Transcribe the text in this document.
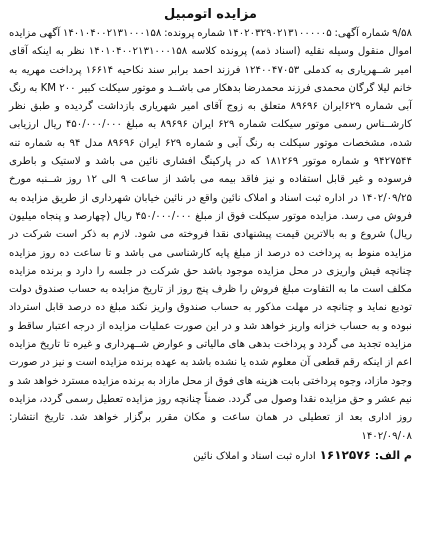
مزایده اتومبیل

۹/۵۸ شماره آگهی: ۱۴۰۲۰۳۲۹۰۲۱۳۱۰۰۰۰۰۵ شماره پرونده: ۱۴۰۱۰۴۰۰۲۱۳۱۰۰۰۱۵۸ آگهی مزایده اموال منقول وسیله نقلیه (اسناد ذمه) پرونده کلاسه ۱۴۰۱۰۴۰۰۲۱۳۱۰۰۰۱۵۸ نظر به اینکه آقای امیر شــهریاری به کدملی ۱۲۴۰۰۴۷۰۵۳ فرزند احمد برابر سند نکاحیه ۱۶۶۱۴ پرداخت مهریه به خانم لیلا گرگان محمدی فرزند محمدرضا بدهکار می باشــد و موتور سیکلت کبیر KM ۲۰۰ به رنگ آبی شماره ۶۲۹ایران ۸۹۶۹۶ متعلق به زوج آقای امیر شهریاری بازداشت گردیده و طبق نظر کارشــناس رسمی موتور سیکلت شماره ۶۲۹ ایران ۸۹۶۹۶ به مبلغ ۴۵۰/۰۰۰/۰۰۰ ریال ارزیابی شده، مشخصات موتور سیکلت به رنگ آبی و شماره ۶۲۹ ایران ۸۹۶۹۶ مدل ۹۴ به شماره تنه ۹۴۲۷۵۴۴ و شماره موتور ۱۸۱۲۶۹ که در پارکینگ افشاری نائین می باشد و لاستیک و باطری فرسوده و غیر قابل استفاده و نیز فاقد بیمه می باشد از ساعت ۹ الی ۱۲ روز شــنبه مورخ ۱۴۰۲/۰۹/۲۵ در اداره ثبت اسناد و املاک نائین واقع در نائین خیابان شهرداری از طریق مزایده به فروش می رسد. مزایده موتور سیکلت فوق از مبلغ ۴۵۰/۰۰۰/۰۰۰ ریال (چهارصد و پنجاه میلیون ریال) شروع و به بالاترین قیمت پیشنهادی نقدا فروخته می شود. لازم به ذکر است شرکت در مزایده منوط به پرداخت ده درصد از مبلغ پایه کارشناسی می باشد و تا ساعت ده روز مزایده چنانچه فیش واریزی در محل مزایده موجود باشد حق شرکت در جلسه را دارد و برنده مزایده مکلف است ما به التفاوت مبلغ فروش را ظرف پنج روز از تاریخ مزایده به حساب صندوق دولت تودیع نماید و چنانچه در مهلت مذکور به حساب صندوق واریز نکند مبلغ ده درصد قابل استرداد نبوده و به حساب خزانه واریز خواهد شد و در این صورت عملیات مزایده از درجه اعتبار ساقط و مزایده تجدید می گردد و پرداخت بدهی های مالیاتی و عوارض شــهرداری و غیره تا تاریخ مزایده اعم از اینکه رقم قطعی آن معلوم شده یا نشده باشد به عهده برنده مزایده است و نیز در صورت وجود مازاد، وجوه پرداختی بابت هزینه های فوق از محل مازاد به برنده مزایده مسترد خواهد شد و نیم عشر و حق مزایده نقدا وصول می گردد. ضمناً چنانچه روز مزایده تعطیل رسمی گردد، مزایده روز اداری بعد از تعطیلی در همان ساعت و مکان مقرر برگزار خواهد شد. تاریخ انتشار: ۱۴۰۲/۰۹/۰۸

م الف: ۱۶۱۲۵۷۶ اداره ثبت اسناد و املاک نائین
